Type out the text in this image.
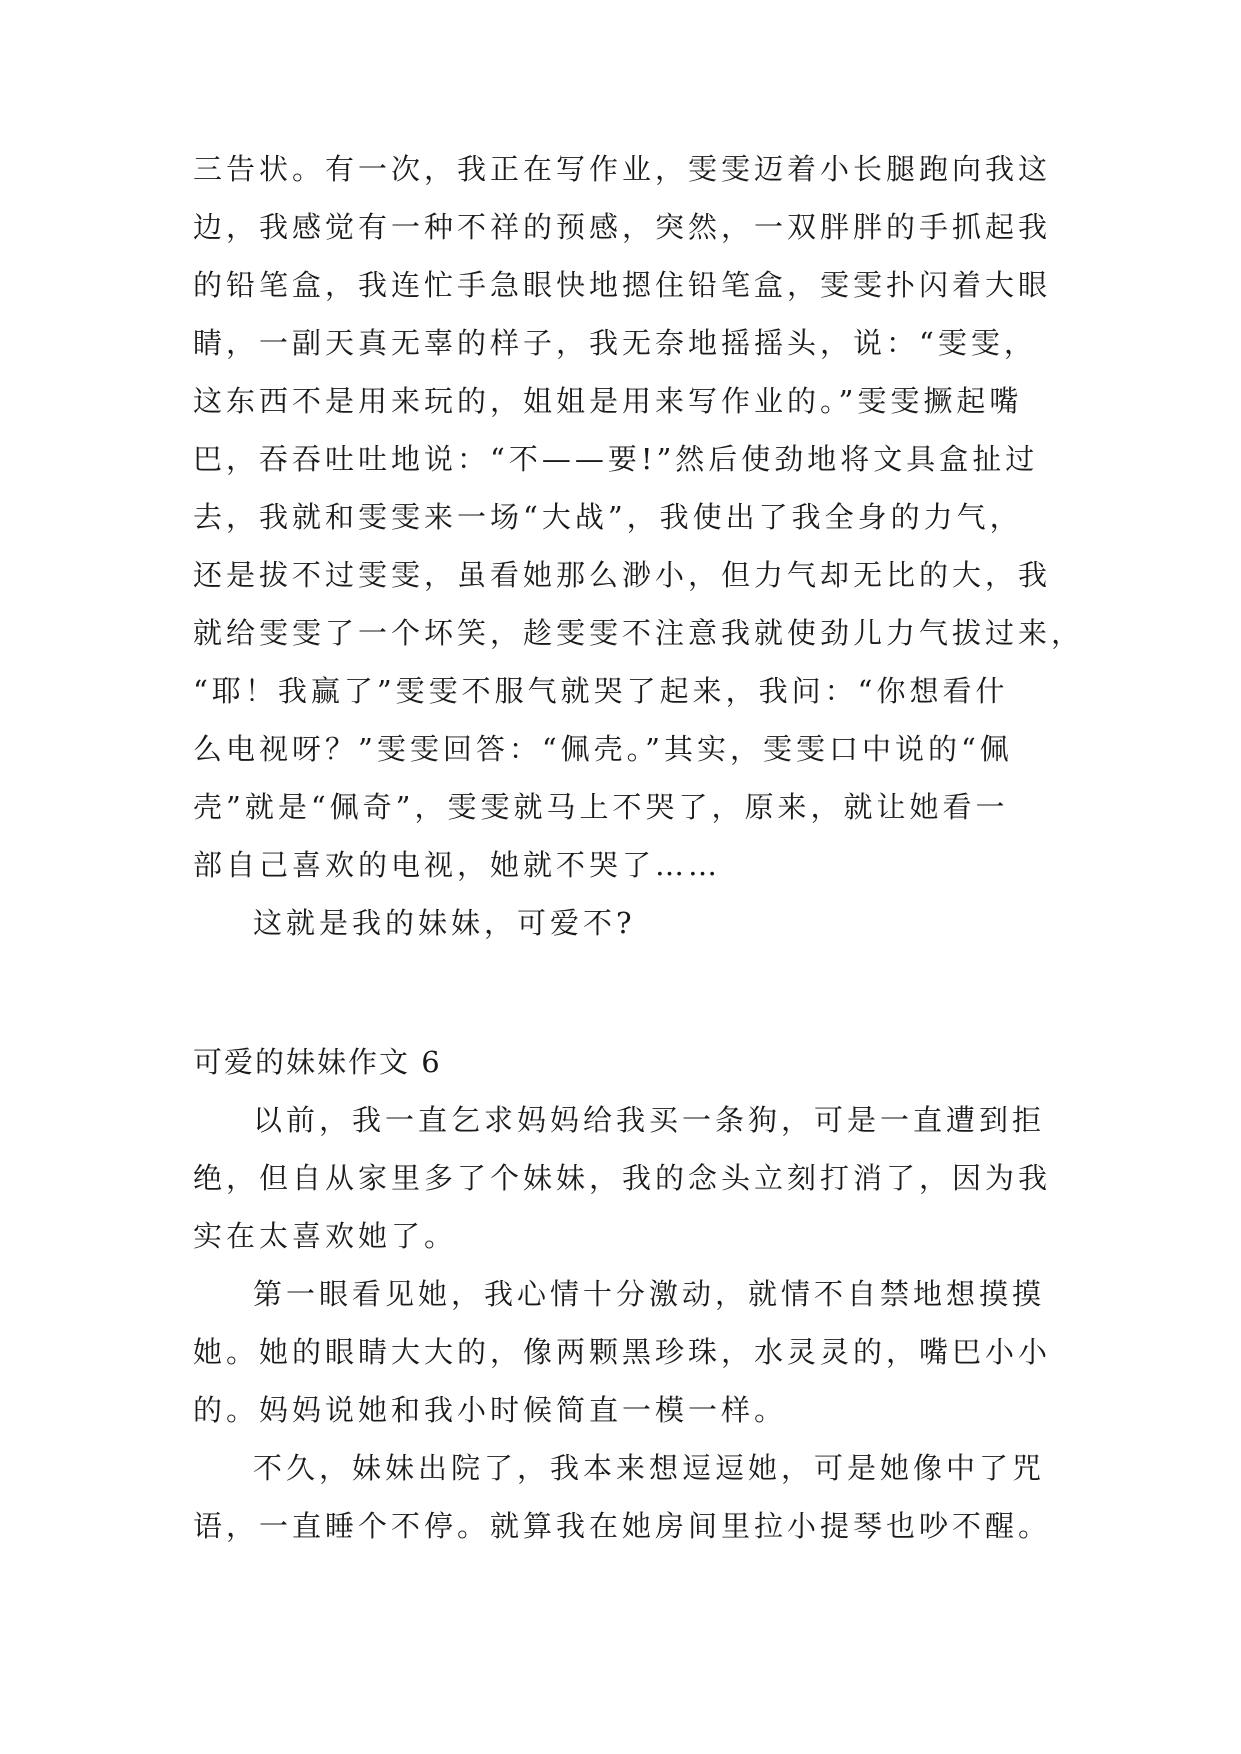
三告状。有一次，我正在写作业，雯雯迈着小长腿跑向我这
边，我感觉有一种不祥的预感，突然，一双胖胖的手抓起我
的铅笔盒，我连忙手急眼快地摁住铅笔盒，雯雯扑闪着大眼
睛，一副天真无辜的样子，我无奈地摇摇头，说：“雯雯，
这东西不是用来玩的，姐姐是用来写作业的。”雯雯撅起嘴
巴，吞吞吐吐地说：“不——要!”然后使劲地将文具盒扯过
去，我就和雯雯来一场“大战”，我使出了我全身的力气，
还是拔不过雯雯，虽看她那么渺小，但力气却无比的大，我
就给雯雯了一个坏笑，趁雯雯不注意我就使劲儿力气拔过来，
“耶！我赢了”雯雯不服气就哭了起来，我问：“你想看什
么电视呀？”雯雯回答：“佩壳。”其实，雯雯口中说的“佩
壳”就是“佩奇”，雯雯就马上不哭了，原来，就让她看一
部自己喜欢的电视，她就不哭了……
这就是我的妹妹，可爱不?
可爱的妹妹作文 6
以前，我一直乞求妈妈给我买一条狗，可是一直遭到拒
绝，但自从家里多了个妹妹，我的念头立刻打消了，因为我
实在太喜欢她了。
第一眼看见她，我心情十分激动，就情不自禁地想摸摸
她。她的眼睛大大的，像两颗黑珍珠，水灵灵的，嘴巴小小
的。妈妈说她和我小时候简直一模一样。
不久，妹妹出院了，我本来想逗逗她，可是她像中了咒
语，一直睡个不停。就算我在她房间里拉小提琴也吵不醒。
